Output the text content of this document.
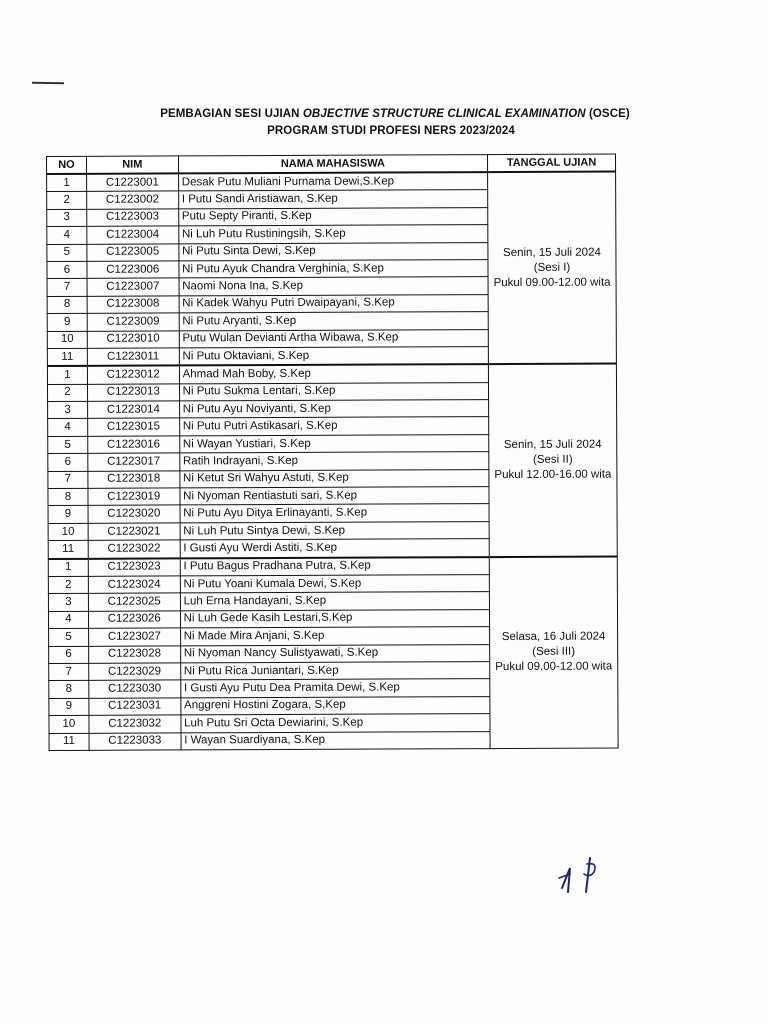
PEMBAGIAN SESI UJIAN OBJECTIVE STRUCTURE CLINICAL EXAMINATION (OSCE)
PROGRAM STUDI PROFESI NERS 2023/2024
NO	NIM	NAMA MAHASISWA	TANGGAL UJIAN
1	C1223001	Desak Putu Muliani Purnama Dewi,S.Kep	Senin, 15 Juli 2024
(Sesi I)
Pukul 09.00-12.00 wita

2	C1223002	I Putu Sandi Aristiawan, S.Kep	
3	C1223003	Putu Septy Piranti, S.Kep	
4	C1223004	Ni Luh Putu Rustiningsih, S.Kep	
5	C1223005	Ni Putu Sinta Dewi, S.Kep	
6	C1223006	Ni Putu Ayuk Chandra Verghinia, S.Kep	
7	C1223007	Naomi Nona Ina, S.Kep	
8	C1223008	Ni Kadek Wahyu Putri Dwaipayani, S.Kep	
9	C1223009	Ni Putu Aryanti, S.Kep	
10	C1223010	Putu Wulan Devianti Artha Wibawa, S.Kep	
11	C1223011	Ni Putu Oktaviani, S.Kep	
1	C1223012	Ahmad Mah Boby, S.Kep	Senin, 15 Juli 2024
(Sesi II)
Pukul 12.00-16.00 wita

2	C1223013	Ni Putu Sukma Lentari, S.Kep	
3	C1223014	Ni Putu Ayu Noviyanti, S.Kep	
4	C1223015	Ni Putu Putri Astikasari, S.Kep	
5	C1223016	Ni Wayan Yustiari, S.Kep	
6	C1223017	Ratih Indrayani, S.Kep	
7	C1223018	Ni Ketut Sri Wahyu Astuti, S.Kep	
8	C1223019	Ni Nyoman Rentiastuti sari, S.Kep	
9	C1223020	Ni Putu Ayu Ditya Erlinayanti, S.Kep	
10	C1223021	Ni Luh Putu Sintya Dewi, S.Kep	
11	C1223022	I Gusti Ayu Werdi Astiti, S.Kep	
1	C1223023	I Putu Bagus Pradhana Putra, S.Kep	Selasa, 16 Juli 2024
(Sesi III)
Pukul 09.00-12.00 wita

2	C1223024	Ni Putu Yoani Kumala Dewi, S.Kep	
3	C1223025	Luh Erna Handayani, S.Kep	
4	C1223026	Ni Luh Gede Kasih Lestari,S.Kep	
5	C1223027	Ni Made Mira Anjani, S.Kep	
6	C1223028	Ni Nyoman Nancy Sulistyawati, S.Kep	
7	C1223029	Ni Putu Rica Juniantari, S.Kep	
8	C1223030	I Gusti Ayu Putu Dea Pramita Dewi, S.Kep	
9	C1223031	Anggreni Hostini Zogara, S,Kep	
10	C1223032	Luh Putu Sri Octa Dewiarini, S.Kep	
11	C1223033	I Wayan Suardiyana, S.Kep	
